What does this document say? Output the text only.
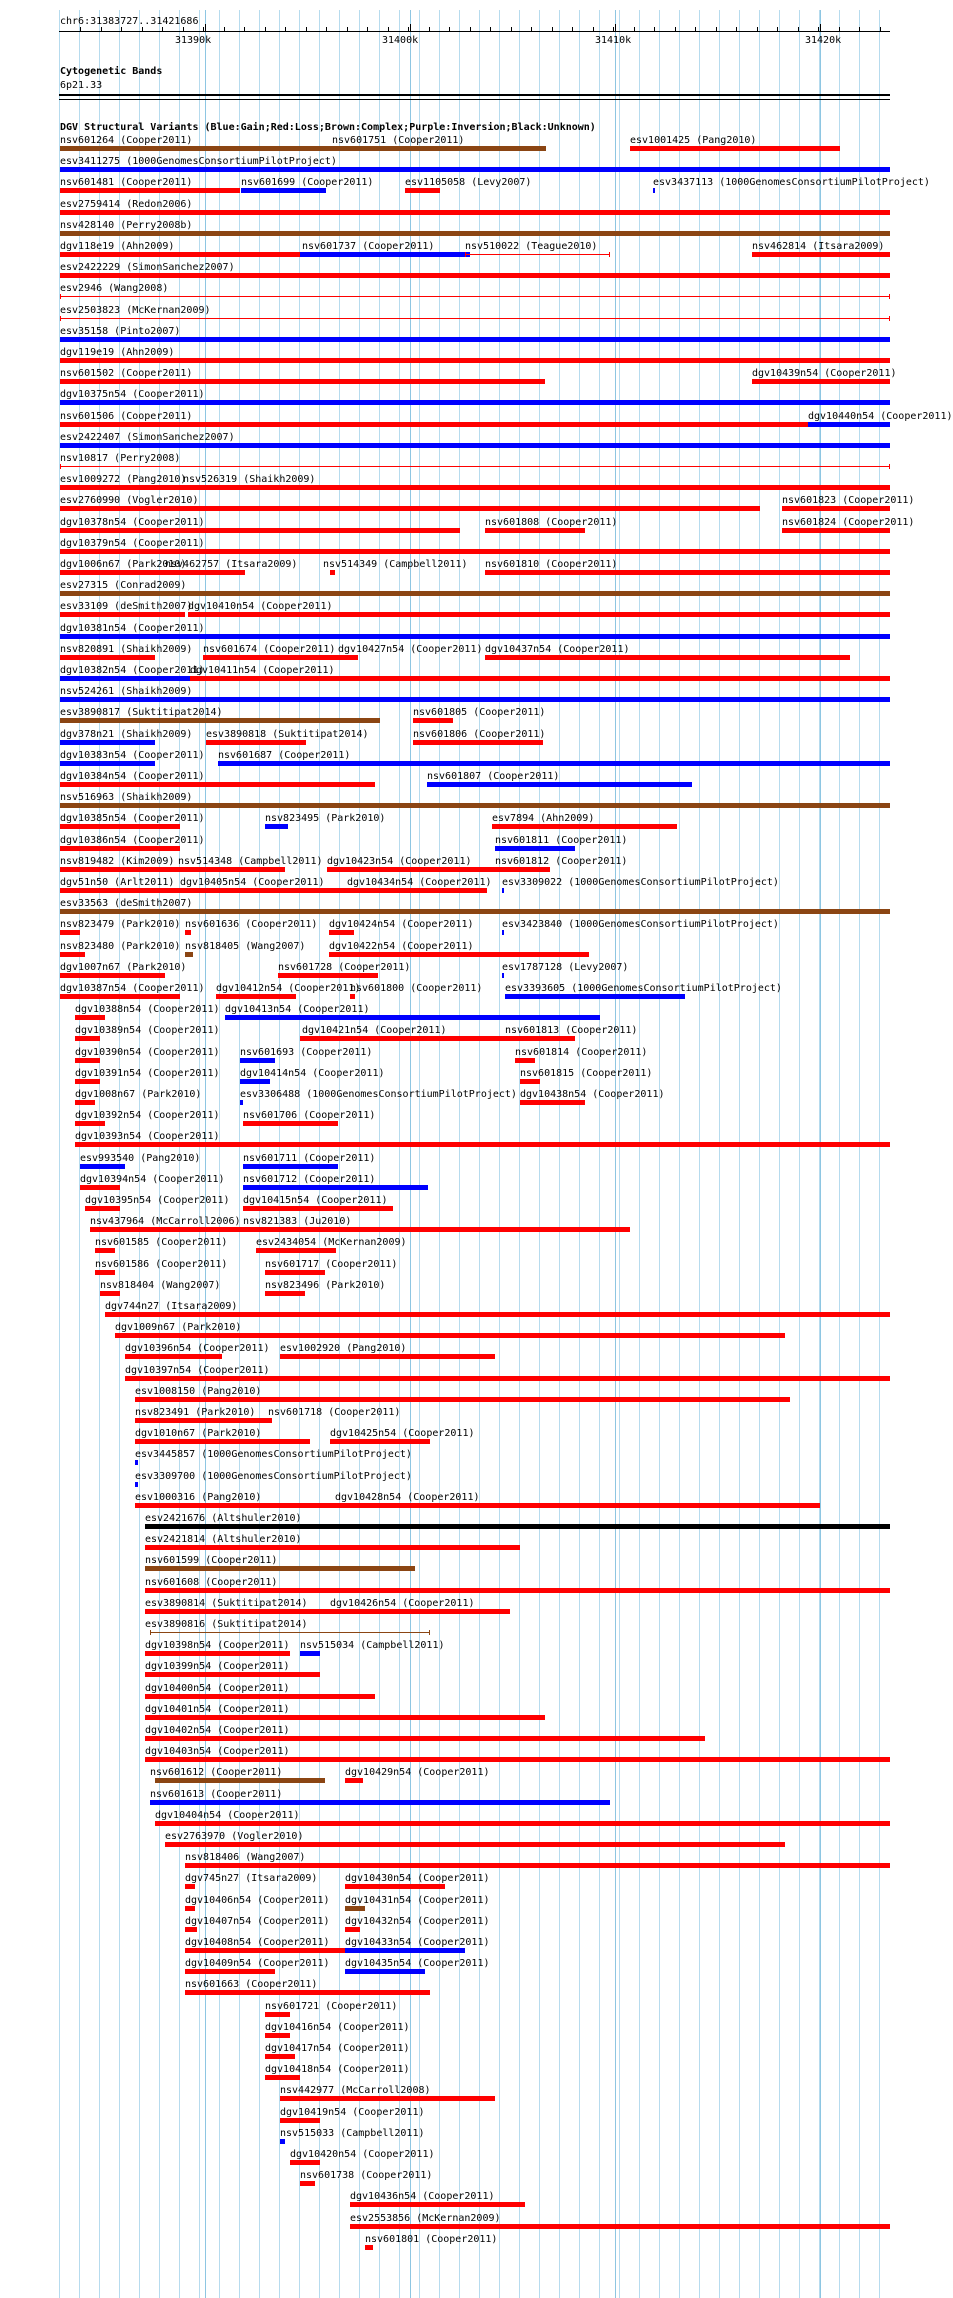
chr6:31383727..31421686
31390k	31400k	31410k	31420k
Cytogenetic Bands
6p21.33
DGV Structural Variants (Blue:Gain;Red:Loss;Brown:Complex;Purple:Inversion;Black:Unknown)
nsv601264 (Cooper2011)	nsv601751 (Cooper2011)	esv1001425 (Pang2010)
esv3411275 (1000GenomesConsortiumPilotProject)
nsv601481 (Cooper2011)	nsv601699 (Cooper2011)	esv1105058 (Levy2007)	esv3437113 (1000GenomesConsortiumPilotProject)
esv2759414 (Redon2006)
nsv428140 (Perry2008b)
dgv118e19 (Ahn2009)	nsv601737 (Cooper2011)	nsv510022 (Teague2010)	nsv462814 (Itsara2009)
esv2422229 (SimonSanchez2007)
esv2946 (Wang2008)
esv2503823 (McKernan2009)
esv35158 (Pinto2007)
dgv119e19 (Ahn2009)
nsv601502 (Cooper2011)	dgv10439n54 (Cooper2011)
dgv10375n54 (Cooper2011)
nsv601506 (Cooper2011)	dgv10440n54 (Cooper2011)
esv2422407 (SimonSanchez2007)
nsv10817 (Perry2008)
esv1009272 (Pang2010)
nsv526319 (Shaikh2009)
esv2760990 (Vogler2010)	nsv601823 (Cooper2011)
dgv10378n54 (Cooper2011)	nsv601808 (Cooper2011)	nsv601824 (Cooper2011)
dgv10379n54 (Cooper2011)
dgv1006n67 (Park2010)
nsv462757 (Itsara2009)	nsv514349 (Campbell2011) nsv601810 (Cooper2011)
esv27315 (Conrad2009)
esv33109 (deSmith2007)
dgv10410n54 (Cooper2011)
dgv10381n54 (Cooper2011)
nsv820891 (Shaikh2009) nsv601674 (Cooper2011) dgv10427n54 (Cooper2011) dgv10437n54 (Cooper2011)
dgv10382n54 (Cooper2011)
dgv10411n54 (Cooper2011)
nsv524261 (Shaikh2009)
esv3890817 (Suktitipat2014)	nsv601805 (Cooper2011)
dgv378n21 (Shaikh2009) esv3890818 (Suktitipat2014)	nsv601806 (Cooper2011)
dgv10383n54 (Cooper2011) nsv601687 (Cooper2011)
dgv10384n54 (Cooper2011)	nsv601807 (Cooper2011)
nsv516963 (Shaikh2009)
dgv10385n54 (Cooper2011)	nsv823495 (Park2010)	esv7894 (Ahn2009)
dgv10386n54 (Cooper2011)	nsv601811 (Cooper2011)
nsv819482 (Kim2009) nsv514348 (Campbell2011) dgv10423n54 (Cooper2011) nsv601812 (Cooper2011)
dgv51n50 (Arlt2011) dgv10405n54 (Cooper2011) dgv10434n54 (Cooper2011) esv3309022 (1000GenomesConsortiumPilotProject)
esv33563 (deSmith2007)
nsv823479 (Park2010) nsv601636 (Cooper2011) dgv10424n54 (Cooper2011)	esv3423840 (1000GenomesConsortiumPilotProject)
nsv823480 (Park2010) nsv818405 (Wang2007) dgv10422n54 (Cooper2011)
dgv1007n67 (Park2010)	nsv601728 (Cooper2011)	esv1787128 (Levy2007)
dgv10387n54 (Cooper2011) dgv10412n54 (Cooper2011)
nsv601800 (Cooper2011) esv3393605 (1000GenomesConsortiumPilotProject)
dgv10388n54 (Cooper2011) dgv10413n54 (Cooper2011)
dgv10389n54 (Cooper2011)	dgv10421n54 (Cooper2011)	nsv601813 (Cooper2011)
dgv10390n54 (Cooper2011) nsv601693 (Cooper2011)	nsv601814 (Cooper2011)
dgv10391n54 (Cooper2011) dgv10414n54 (Cooper2011)	nsv601815 (Cooper2011)
dgv1008n67 (Park2010)	esv3306488 (1000GenomesConsortiumPilotProject) dgv10438n54 (Cooper2011)
dgv10392n54 (Cooper2011) nsv601706 (Cooper2011)
dgv10393n54 (Cooper2011)
esv993540 (Pang2010)	nsv601711 (Cooper2011)
dgv10394n54 (Cooper2011) nsv601712 (Cooper2011)
dgv10395n54 (Cooper2011) dgv10415n54 (Cooper2011)
nsv437964 (McCarroll2006) nsv821383 (Ju2010)
nsv601585 (Cooper2011)	esv2434054 (McKernan2009)
nsv601586 (Cooper2011)	nsv601717 (Cooper2011)
nsv818404 (Wang2007)	nsv823496 (Park2010)
dgv744n27 (Itsara2009)
dgv1009n67 (Park2010)
dgv10396n54 (Cooper2011) esv1002920 (Pang2010)
dgv10397n54 (Cooper2011)
esv1008150 (Pang2010)
nsv823491 (Park2010) nsv601718 (Cooper2011)
dgv1010n67 (Park2010)	dgv10425n54 (Cooper2011)
esv3445857 (1000GenomesConsortiumPilotProject)
esv3309700 (1000GenomesConsortiumPilotProject)
esv1000316 (Pang2010)	dgv10428n54 (Cooper2011)
esv2421676 (Altshuler2010)
esv2421814 (Altshuler2010)
nsv601599 (Cooper2011)
nsv601608 (Cooper2011)
esv3890814 (Suktitipat2014) dgv10426n54 (Cooper2011)
esv3890816 (Suktitipat2014)
dgv10398n54 (Cooper2011) nsv515034 (Campbell2011)
dgv10399n54 (Cooper2011)
dgv10400n54 (Cooper2011)
dgv10401n54 (Cooper2011)
dgv10402n54 (Cooper2011)
dgv10403n54 (Cooper2011)
nsv601612 (Cooper2011)	dgv10429n54 (Cooper2011)
nsv601613 (Cooper2011)
dgv10404n54 (Cooper2011)
esv2763970 (Vogler2010)
nsv818406 (Wang2007)
dgv745n27 (Itsara2009)	dgv10430n54 (Cooper2011)
dgv10406n54 (Cooper2011) dgv10431n54 (Cooper2011)
dgv10407n54 (Cooper2011) dgv10432n54 (Cooper2011)
dgv10408n54 (Cooper2011) dgv10433n54 (Cooper2011)
dgv10409n54 (Cooper2011) dgv10435n54 (Cooper2011)
nsv601663 (Cooper2011)
nsv601721 (Cooper2011)
dgv10416n54 (Cooper2011)
dgv10417n54 (Cooper2011)
dgv10418n54 (Cooper2011)
nsv442977 (McCarroll2008)
dgv10419n54 (Cooper2011)
nsv515033 (Campbell2011)
dgv10420n54 (Cooper2011)
nsv601738 (Cooper2011)
dgv10436n54 (Cooper2011)
esv2553856 (McKernan2009)
nsv601801 (Cooper2011)
